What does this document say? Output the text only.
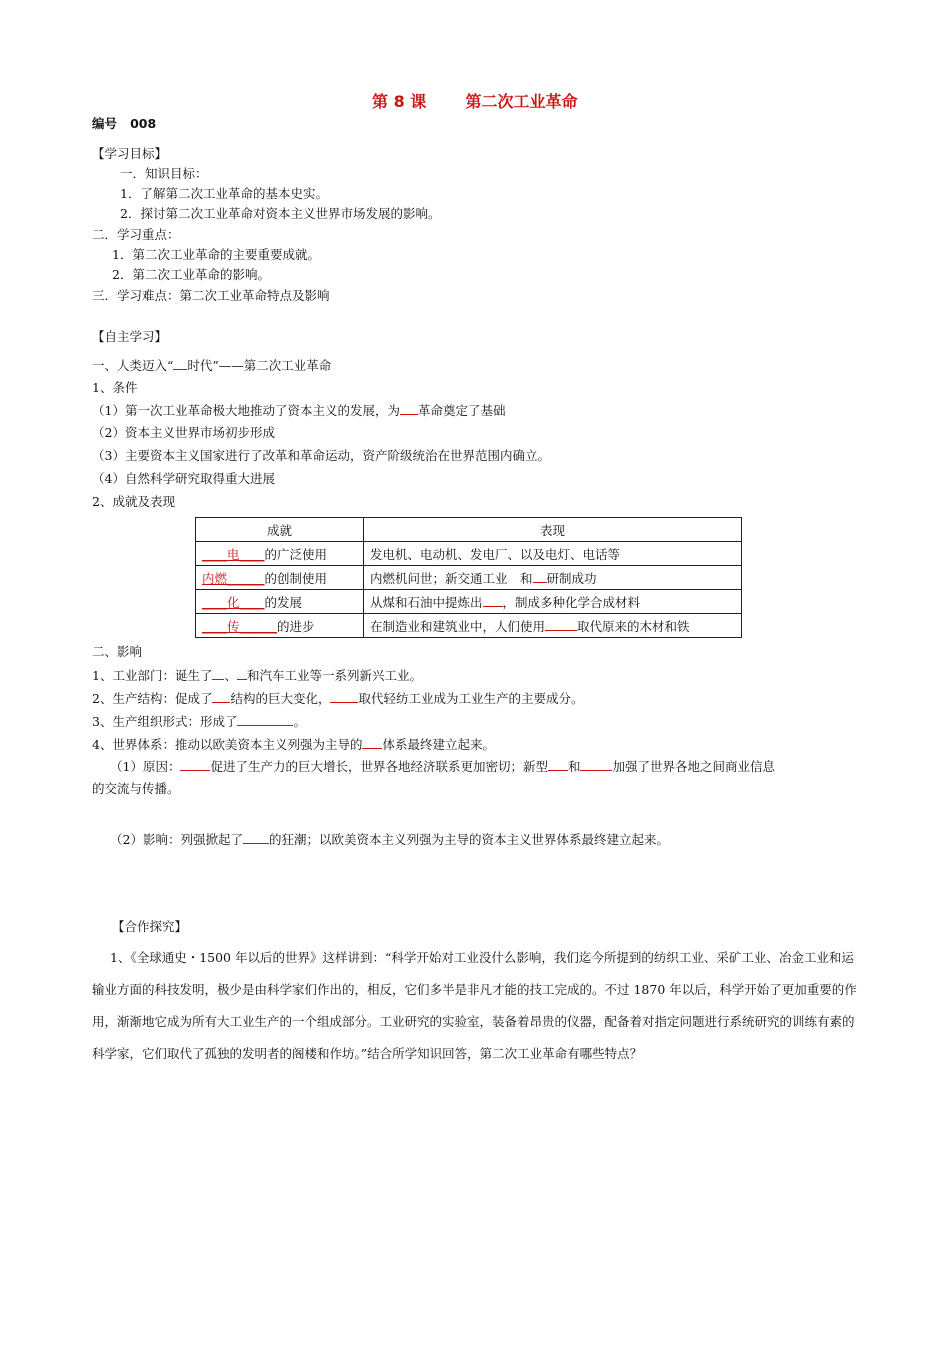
第 8 课 第二次工业革命
编号 008
【学习目标】
一．知识目标：
1．了解第二次工业革命的基本史实。
2．探讨第二次工业革命对资本主义世界市场发展的影响。
二．学习重点：
1．第二次工业革命的主要重要成就。
2．第二次工业革命的影响。
三．学习难点：第二次工业革命特点及影响
【自主学习】
一、人类迈入“ 时代”——第二次工业革命
1、条件
（1）第一次工业革命极大地推动了资本主义的发展，为 革命奠定了基础
（2）资本主义世界市场初步形成
（3）主要资本主义国家进行了改革和革命运动，资产阶级统治在世界范围内确立。
（4）自然科学研究取得重大进展
2、成就及表现
成就	表现
____电____的广泛使用	发电机、电动机、发电厂、以及电灯、电话等
内燃______的创制使用	内燃机问世；新交通工业　和 研制成功
____化____的发展	从煤和石油中提炼出 ，制成多种化学合成材料
____传______的进步	在制造业和建筑业中，人们使用 取代原来的木材和铁
二、影响
1、工业部门：诞生了 、 和汽车工业等一系列新兴工业。
2、生产结构：促成了 结构的巨大变化， 取代轻纺工业成为工业生产的主要成分。
3、生产组织形式：形成了	。
4、世界体系：推动以欧美资本主义列强为主导的 体系最终建立起来。
（1）原因： 促进了生产力的巨大增长，世界各地经济联系更加密切；新型 和	加强了世界各地之间商业信息
的交流与传播。
（2）影响：列强掀起了 的狂潮；以欧美资本主义列强为主导的资本主义世界体系最终建立起来。
【合作探究】
1、《全球通史・1500 年以后的世界》这样讲到：“科学开始对工业没什么影响，我们迄今所提到的纺织工业、采矿工业、冶金工业和运输业方面的科技发明，极少是由科学家们作出的，相反，它们多半是非凡才能的技工完成的。不过 1870 年以后，科学开始了更加重要的作用，渐渐地它成为所有大工业生产的一个组成部分。工业研究的实验室，装备着昂贵的仪器，配备着对指定问题进行系统研究的训练有素的科学家，它们取代了孤独的发明者的阁楼和作坊。”结合所学知识回答，第二次工业革命有哪些特点？
